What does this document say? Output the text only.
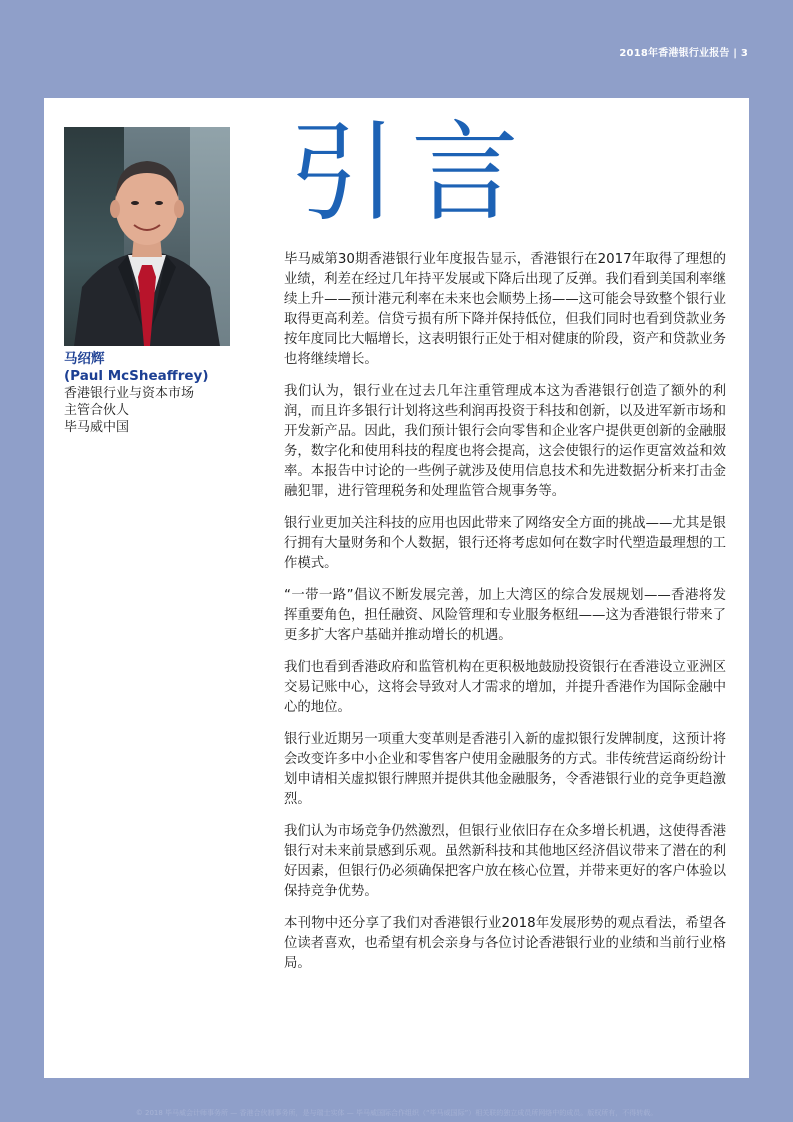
2018年香港银行业报告 | 3
马绍辉
(Paul McSheaffrey)
香港银行业与资本市场
主管合伙人
毕马威中国
引言

毕马威第30期香港银行业年度报告显示，香港银行在2017年取得了理想的业绩，利差在经过几年持平发展或下降后出现了反弹。我们看到美国利率继续上升——预计港元利率在未来也会顺势上扬——这可能会导致整个银行业取得更高利差。信贷亏损有所下降并保持低位，但我们同时也看到贷款业务按年度同比大幅增长，这表明银行正处于相对健康的阶段，资产和贷款业务也将继续增长。

我们认为，银行业在过去几年注重管理成本这为香港银行创造了额外的利润，而且许多银行计划将这些利润再投资于科技和创新，以及进军新市场和开发新产品。因此，我们预计银行会向零售和企业客户提供更创新的金融服务，数字化和使用科技的程度也将会提高，这会使银行的运作更富效益和效率。本报告中讨论的一些例子就涉及使用信息技术和先进数据分析来打击金融犯罪，进行管理税务和处理监管合规事务等。

银行业更加关注科技的应用也因此带来了网络安全方面的挑战——尤其是银行拥有大量财务和个人数据，银行还将考虑如何在数字时代塑造最理想的工作模式。

“一带一路”倡议不断发展完善，加上大湾区的综合发展规划——香港将发挥重要角色，担任融资、风险管理和专业服务枢纽——这为香港银行带来了更多扩大客户基础并推动增长的机遇。

我们也看到香港政府和监管机构在更积极地鼓励投资银行在香港设立亚洲区交易记账中心，这将会导致对人才需求的增加，并提升香港作为国际金融中心的地位。

银行业近期另一项重大变革则是香港引入新的虚拟银行发牌制度，这预计将会改变许多中小企业和零售客户使用金融服务的方式。非传统营运商纷纷计划申请相关虚拟银行牌照并提供其他金融服务，令香港银行业的竞争更趋激烈。

我们认为市场竞争仍然激烈，但银行业依旧存在众多增长机遇，这使得香港银行对未来前景感到乐观。虽然新科技和其他地区经济倡议带来了潜在的利好因素，但银行仍必须确保把客户放在核心位置，并带来更好的客户体验以保持竞争优势。

本刊物中还分享了我们对香港银行业2018年发展形势的观点看法，希望各位读者喜欢，也希望有机会亲身与各位讨论香港银行业的业绩和当前行业格局。

© 2018 毕马威会计师事务所 — 香港合伙制事务所，是与瑞士实体 — 毕马威国际合作组织（“毕马威国际”）相关联的独立成员所网络中的成员。版权所有，不得转载。
